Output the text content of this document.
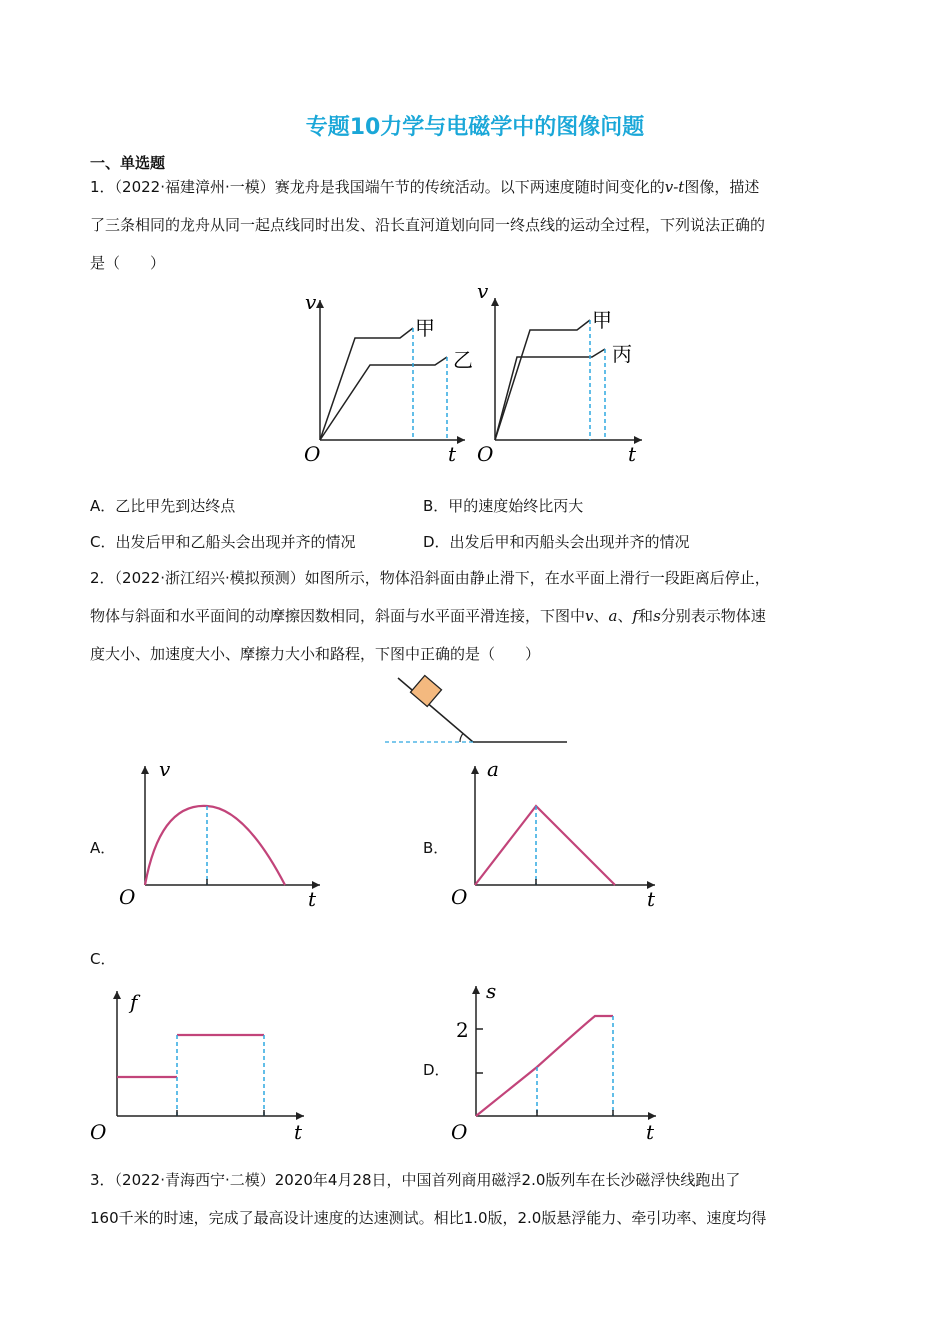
专题10力学与电磁学中的图像问题
一、单选题
1．（2022·福建漳州·一模）赛龙舟是我国端午节的传统活动。以下两速度随时间变化的v-t图像，描述
了三条相同的龙舟从同一起点线同时出发、沿长直河道划向同一终点线的运动全过程，下列说法正确的
是（　　）
v
t
O
甲
乙
v
t
O
甲
丙
A．乙比甲先到达终点	B．甲的速度始终比丙大
C．出发后甲和乙船头会出现并齐的情况	D．出发后甲和丙船头会出现并齐的情况
2．（2022·浙江绍兴·模拟预测）如图所示，物体沿斜面由静止滑下，在水平面上滑行一段距离后停止，
物体与斜面和水平面间的动摩擦因数相同，斜面与水平面平滑连接，下图中v、a、f和s分别表示物体速
度大小、加速度大小、摩擦力大小和路程，下图中正确的是（　　）
A．
v
t
O
B．
a
t
O
C．
f
t
O
D．
s
2
t
O
3．（2022·青海西宁·二模）2020年4月28日，中国首列商用磁浮2.0版列车在长沙磁浮快线跑出了
160千米的时速，完成了最高设计速度的达速测试。相比1.0版，2.0版悬浮能力、牵引功率、速度均得
